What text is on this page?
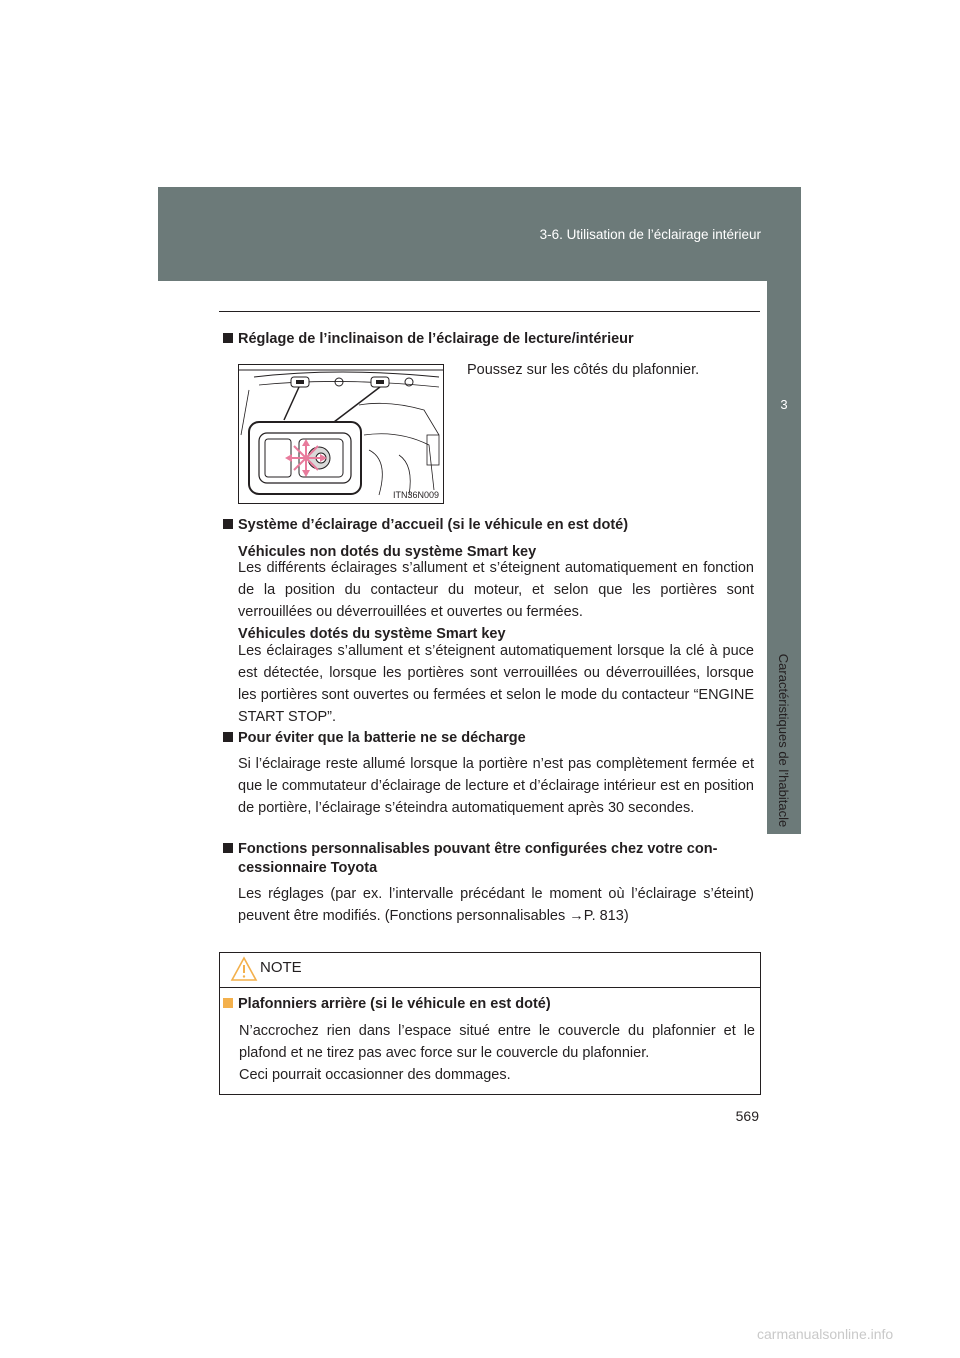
3-6. Utilisation de l’éclairage intérieur
3
Caractéristiques de l’habitacle
Réglage de l’inclinaison de l’éclairage de lecture/intérieur
ITN36N009
Poussez sur les côtés du plafonnier.
Système d’éclairage d’accueil (si le véhicule en est doté)
Véhicules non dotés du système Smart key
Les différents éclairages s’allument et s’éteignent automatiquement en fonction de la position du contacteur du moteur, et selon que les portières sont verrouillées ou déverrouillées et ouvertes ou fermées.
Véhicules dotés du système Smart key
Les éclairages s’allument et s’éteignent automatiquement lorsque la clé à puce est détectée, lorsque les portières sont verrouillées ou déverrouillées, lorsque les portières sont ouvertes ou fermées et selon le mode du contacteur “ENGINE START STOP”.
Pour éviter que la batterie ne se décharge
Si l’éclairage reste allumé lorsque la portière n’est pas complètement fermée et que le commutateur d’éclairage de lecture et d’éclairage intérieur est en position de portière, l’éclairage s’éteindra automatiquement après 30 secondes.
Fonctions personnalisables pouvant être configurées chez votre con-
cessionnaire Toyota
Les réglages (par ex. l’intervalle précédant le moment où l’éclairage s’éteint) peuvent être modifiés. (Fonctions personnalisables →P. 813)
NOTE
Plafonniers arrière (si le véhicule en est doté)
N’accrochez rien dans l’espace situé entre le couvercle du plafonnier et le plafond et ne tirez pas avec force sur le couvercle du plafonnier.
Ceci pourrait occasionner des dommages.
569
carmanualsonline.info
